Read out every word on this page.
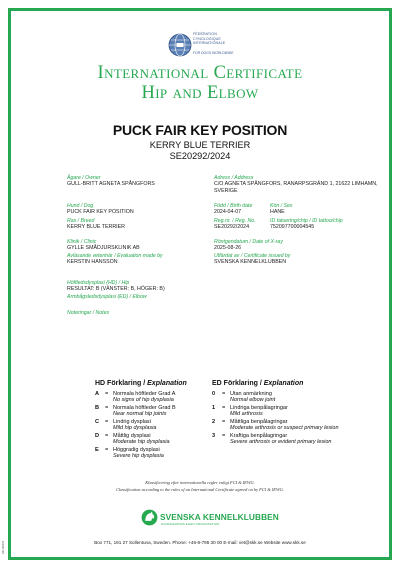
FÉDÉRATION
CYNOLOGIQUE
INTERNATIONALE
FOR DOGS WORLDWIDE
International Certificate
Hip and Elbow
PUCK FAIR KEY POSITION
KERRY BLUE TERRIER
SE20292/2024
Ägare / Owner
GULL-BRITT AGNETA SPÅNGFORS
Adress / Address
C/O AGNETA SPÅNGFORS, RANARPSGRÄND 1, 21622 LIMHAMN, SVERIGE
Hund / Dog
PUCK FAIR KEY POSITION
Född / Birth date
2024-04-07
Kön / Sex
HANE
Ras / Breed
KERRY BLUE TERRIER
Reg.nr. / Reg. No.
SE20292/2024
ID tatuering/chip / ID tattoo/chip
752097700004545
Klinik / Clinic
GYLLE SMÅDJURSKLINIK AB
Röntgendatum / Date of X-ray
2025-08-26
Avläsande veterinär / Evaluation made by
KERSTIN HANSSON
Utfärdat av / Certificate issued by
SVENSKA KENNELKLUBBEN
Höftledsdysplasi (HD) / Hip
RESULTAT: B (VÄNSTER: B, HÖGER: B)
Armbågsledsdysplasi (ED) / Elbow
Noteringar / Notes
HD Förklaring / Explanation
A	= Normala höftleder Grad A
No signs of hip dysplasia
B	= Normala höftleder Grad B
Near normal hip joints
C	= Lindrig dysplasi
Mild hip dysplasia
D	= Måttlig dysplasi
Moderate hip dysplasia
E	= Höggradig dysplasi
Severe hip dysplasia
ED Förklaring / Explanation
0	= Utan anmärkning
Normal elbow joint
1	= Lindriga benpålagringar
Mild arthrosis
2	= Måttliga benpålagringar
Moderate arthrosis or suspect primary lesion
3	= Kraftiga benpålagringar
Severe arthrosis or evident primary lesion
Klassificering efter internationella regler enligt FCI & IEWG.
Classification according to the rules of an International Certificate agreed on by FCI & IEWG.
SVENSKA KENNELKLUBBEN
HUNDÄGARNAS EGEN ORGANISATION
Box 771, 191 27 Sollentuna, Sweden. Phone: +46-8-795 30 00 E-mail: vet@skk.se Website www.skk.se
HD 100101
